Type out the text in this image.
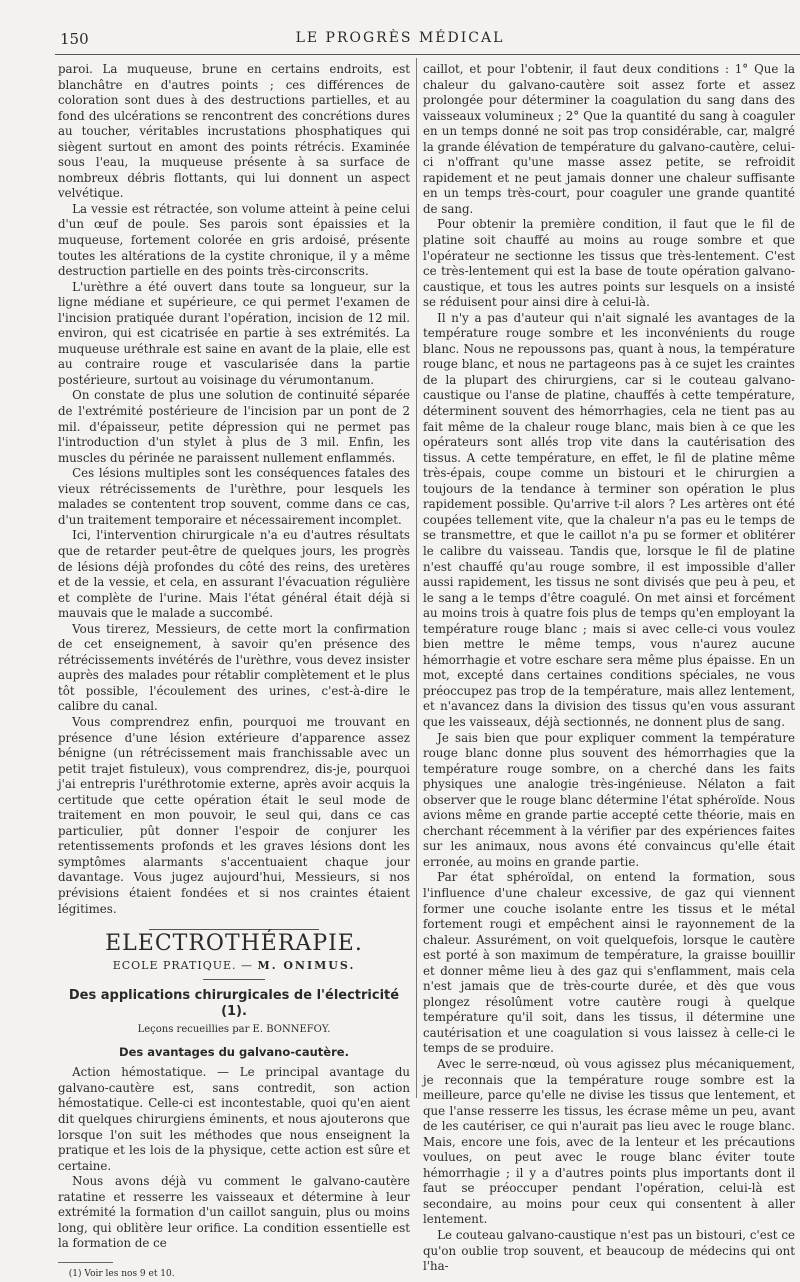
150	LE PROGRÈS MÉDICAL

paroi. La muqueuse, brune en certains endroits, est blanchâtre en d'autres points ; ces différences de coloration sont dues à des destructions partielles, et au fond des ulcérations se rencontrent des concrétions dures au toucher, véritables incrustations phosphatiques qui siègent surtout en amont des points rétrécis. Examinée sous l'eau, la muqueuse présente à sa surface de nombreux débris flottants, qui lui donnent un aspect velvétique.

La vessie est rétractée, son volume atteint à peine celui d'un œuf de poule. Ses parois sont épaissies et la muqueuse, fortement colorée en gris ardoisé, présente toutes les altérations de la cystite chronique, il y a même destruction partielle en des points très-circonscrits.

L'urèthre a été ouvert dans toute sa longueur, sur la ligne médiane et supérieure, ce qui permet l'examen de l'incision pratiquée durant l'opération, incision de 12 mil. environ, qui est cicatrisée en partie à ses extrémités. La muqueuse uréthrale est saine en avant de la plaie, elle est au contraire rouge et vascularisée dans la partie postérieure, surtout au voisinage du vérumontanum.

On constate de plus une solution de continuité séparée de l'extrémité postérieure de l'incision par un pont de 2 mil. d'épaisseur, petite dépression qui ne permet pas l'introduction d'un stylet à plus de 3 mil. Enfin, les muscles du périnée ne paraissent nullement enflammés.

Ces lésions multiples sont les conséquences fatales des vieux rétrécissements de l'urèthre, pour lesquels les malades se contentent trop souvent, comme dans ce cas, d'un traitement temporaire et nécessairement incomplet.

Ici, l'intervention chirurgicale n'a eu d'autres résultats que de retarder peut-être de quelques jours, les progrès de lésions déjà profondes du côté des reins, des uretères et de la vessie, et cela, en assurant l'évacuation régulière et complète de l'urine. Mais l'état général était déjà si mauvais que le malade a succombé.

Vous tirerez, Messieurs, de cette mort la confirmation de cet enseignement, à savoir qu'en présence des rétrécissements invétérés de l'urèthre, vous devez insister auprès des malades pour rétablir complètement et le plus tôt possible, l'écoulement des urines, c'est-à-dire le calibre du canal.

Vous comprendrez enfin, pourquoi me trouvant en présence d'une lésion extérieure d'apparence assez bénigne (un rétrécissement mais franchissable avec un petit trajet fistuleux), vous comprendrez, dis-je, pourquoi j'ai entrepris l'uréthrotomie externe, après avoir acquis la certitude que cette opération était le seul mode de traitement en mon pouvoir, le seul qui, dans ce cas particulier, pût donner l'espoir de conjurer les retentissements profonds et les graves lésions dont les symptômes alarmants s'accentuaient chaque jour davantage. Vous jugez aujourd'hui, Messieurs, si nos prévisions étaient fondées et si nos craintes étaient légitimes.

ELECTROTHÉRAPIE.
ECOLE PRATIQUE. — M. ONIMUS.
Des applications chirurgicales de l'électricité (1).
Leçons recueillies par E. BONNEFOY.
Des avantages du galvano-cautère.

Action hémostatique. — Le principal avantage du galvano-cautère est, sans contredit, son action hémostatique. Celle-ci est incontestable, quoi qu'en aient dit quelques chirurgiens éminents, et nous ajouterons que lorsque l'on suit les méthodes que nous enseignent la pratique et les lois de la physique, cette action est sûre et certaine.

Nous avons déjà vu comment le galvano-cautère ratatine et resserre les vaisseaux et détermine à leur extrémité la formation d'un caillot sanguin, plus ou moins long, qui oblitère leur orifice. La condition essentielle est la formation de ce

(1) Voir les nos 9 et 10.

caillot, et pour l'obtenir, il faut deux conditions : 1° Que la chaleur du galvano-cautère soit assez forte et assez prolongée pour déterminer la coagulation du sang dans des vaisseaux volumineux ; 2° Que la quantité du sang à coaguler en un temps donné ne soit pas trop considérable, car, malgré la grande élévation de température du galvano-cautère, celui-ci n'offrant qu'une masse assez petite, se refroidit rapidement et ne peut jamais donner une chaleur suffisante en un temps très-court, pour coaguler une grande quantité de sang.

Pour obtenir la première condition, il faut que le fil de platine soit chauffé au moins au rouge sombre et que l'opérateur ne sectionne les tissus que très-lentement. C'est ce très-lentement qui est la base de toute opération galvano-caustique, et tous les autres points sur lesquels on a insisté se réduisent pour ainsi dire à celui-là.

Il n'y a pas d'auteur qui n'ait signalé les avantages de la température rouge sombre et les inconvénients du rouge blanc. Nous ne repoussons pas, quant à nous, la température rouge blanc, et nous ne partageons pas à ce sujet les craintes de la plupart des chirurgiens, car si le couteau galvano-caustique ou l'anse de platine, chauffés à cette température, déterminent souvent des hémorrhagies, cela ne tient pas au fait même de la chaleur rouge blanc, mais bien à ce que les opérateurs sont allés trop vite dans la cautérisation des tissus. A cette température, en effet, le fil de platine même très-épais, coupe comme un bistouri et le chirurgien a toujours de la tendance à terminer son opération le plus rapidement possible. Qu'arrive t-il alors ? Les artères ont été coupées tellement vite, que la chaleur n'a pas eu le temps de se transmettre, et que le caillot n'a pu se former et oblitérer le calibre du vaisseau. Tandis que, lorsque le fil de platine n'est chauffé qu'au rouge sombre, il est impossible d'aller aussi rapidement, les tissus ne sont divisés que peu à peu, et le sang a le temps d'être coagulé. On met ainsi et forcément au moins trois à quatre fois plus de temps qu'en employant la température rouge blanc ; mais si avec celle-ci vous voulez bien mettre le même temps, vous n'aurez aucune hémorrhagie et votre eschare sera même plus épaisse. En un mot, excepté dans certaines conditions spéciales, ne vous préoccupez pas trop de la température, mais allez lentement, et n'avancez dans la division des tissus qu'en vous assurant que les vaisseaux, déjà sectionnés, ne donnent plus de sang.

Je sais bien que pour expliquer comment la température rouge blanc donne plus souvent des hémorrhagies que la température rouge sombre, on a cherché dans les faits physiques une analogie très-ingénieuse. Nélaton a fait observer que le rouge blanc détermine l'état sphéroïde. Nous avions même en grande partie accepté cette théorie, mais en cherchant récemment à la vérifier par des expériences faites sur les animaux, nous avons été convaincus qu'elle était erronée, au moins en grande partie.

Par état sphéroïdal, on entend la formation, sous l'influence d'une chaleur excessive, de gaz qui viennent former une couche isolante entre les tissus et le métal fortement rougi et empêchent ainsi le rayonnement de la chaleur. Assurément, on voit quelquefois, lorsque le cautère est porté à son maximum de température, la graisse bouillir et donner même lieu à des gaz qui s'enflamment, mais cela n'est jamais que de très-courte durée, et dès que vous plongez résolûment votre cautère rougi à quelque température qu'il soit, dans les tissus, il détermine une cautérisation et une coagulation si vous laissez à celle-ci le temps de se produire.

Avec le serre-nœud, où vous agissez plus mécaniquement, je reconnais que la température rouge sombre est la meilleure, parce qu'elle ne divise les tissus que lentement, et que l'anse resserre les tissus, les écrase même un peu, avant de les cautériser, ce qui n'aurait pas lieu avec le rouge blanc. Mais, encore une fois, avec de la lenteur et les précautions voulues, on peut avec le rouge blanc éviter toute hémorrhagie ; il y a d'autres points plus importants dont il faut se préoccuper pendant l'opération, celui-là est secondaire, au moins pour ceux qui consentent à aller lentement.

Le couteau galvano-caustique n'est pas un bistouri, c'est ce qu'on oublie trop souvent, et beaucoup de médecins qui ont l'ha-
